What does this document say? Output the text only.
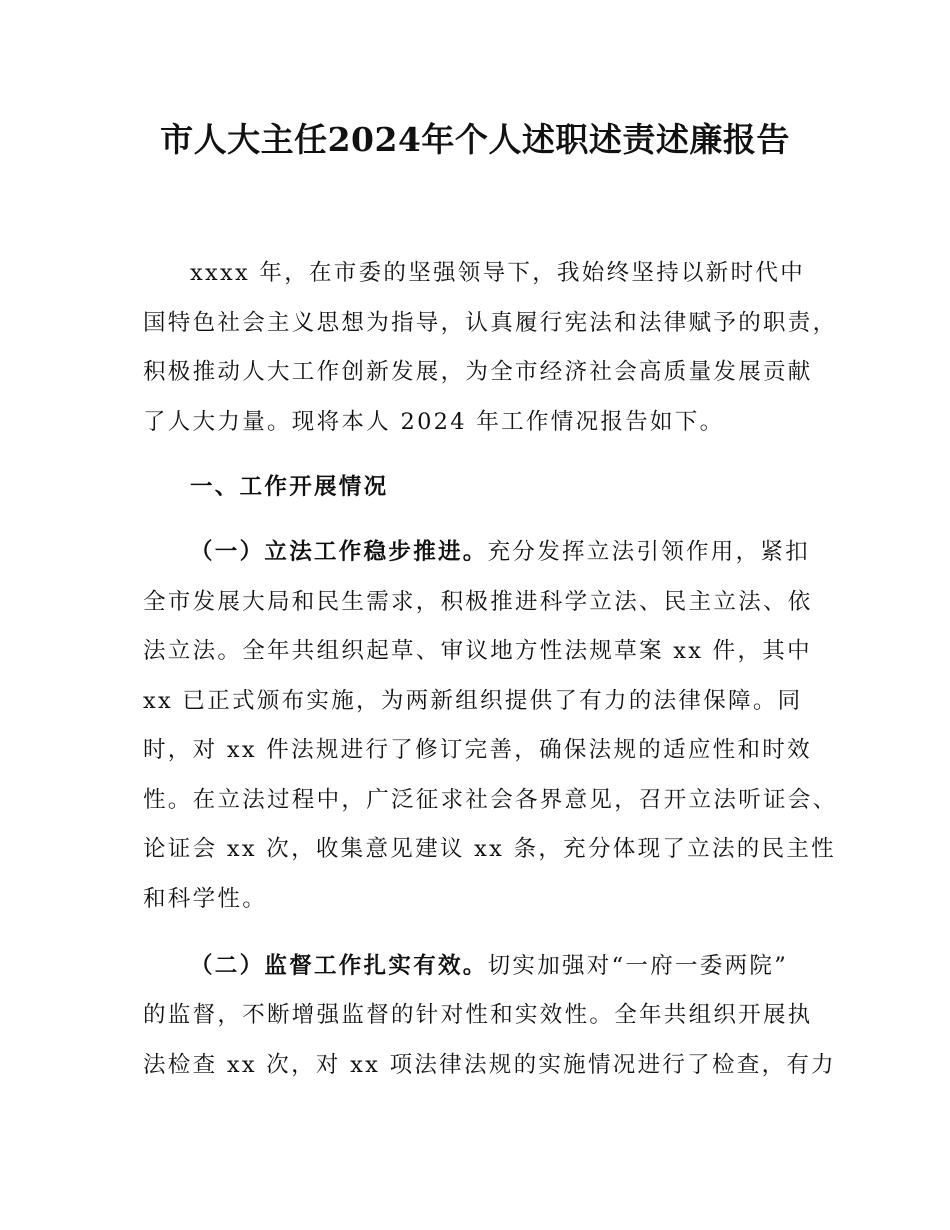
市人大主任2024年个人述职述责述廉报告
xxxx 年，在市委的坚强领导下，我始终坚持以新时代中
国特色社会主义思想为指导，认真履行宪法和法律赋予的职责，
积极推动人大工作创新发展，为全市经济社会高质量发展贡献
了人大力量。现将本人 2024 年工作情况报告如下。
一、工作开展情况
（一）立法工作稳步推进。充分发挥立法引领作用，紧扣
全市发展大局和民生需求，积极推进科学立法、民主立法、依
法立法。全年共组织起草、审议地方性法规草案 xx 件，其中
xx 已正式颁布实施，为两新组织提供了有力的法律保障。同
时，对 xx 件法规进行了修订完善，确保法规的适应性和时效
性。在立法过程中，广泛征求社会各界意见，召开立法听证会、
论证会 xx 次，收集意见建议 xx 条，充分体现了立法的民主性
和科学性。
（二）监督工作扎实有效。切实加强对“一府一委两院”
的监督，不断增强监督的针对性和实效性。全年共组织开展执
法检查 xx 次，对 xx 项法律法规的实施情况进行了检查，有力
